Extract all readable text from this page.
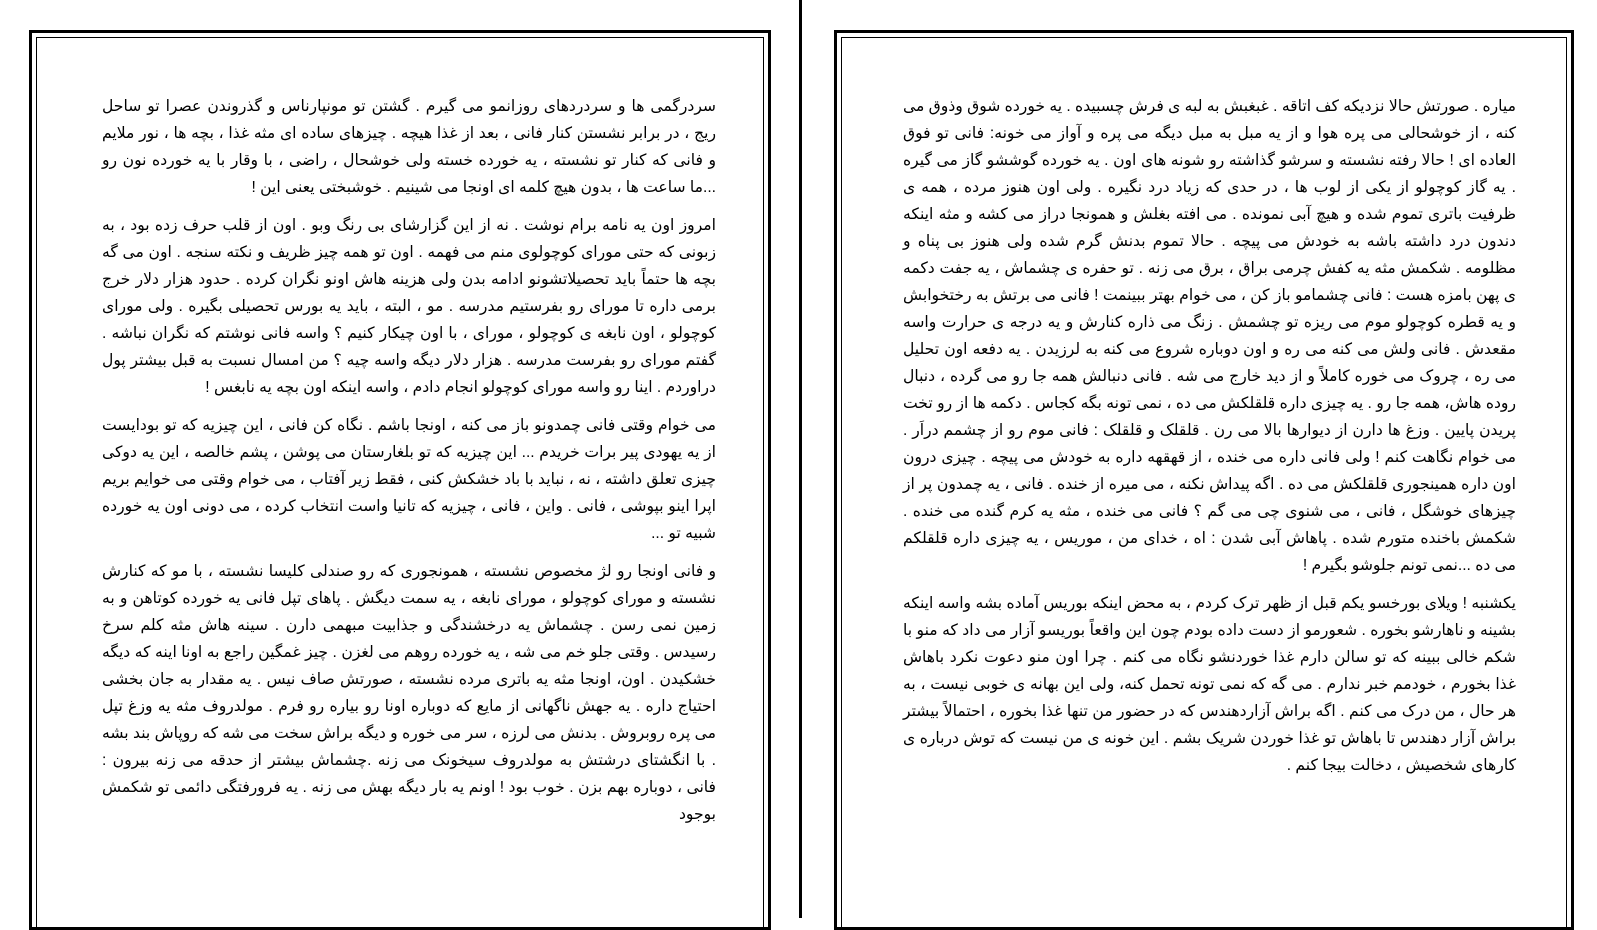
سردرگمی ها و سردردهای روزانمو می گیرم . گشتن تو مونپارناس و گذروندن عصرا تو ساحل ریج ، در برابر نشستن کنار فانی ، بعد از غذا هیچه . چیزهای ساده ای مثه غذا ، بچه ها ، نور ملایم و فانی که کنار تو نشسته ، یه خورده خسته ولی خوشحال ، راضی ، با وقار با یه خورده نون رو ...ما ساعت ها ، بدون هیچ کلمه ای اونجا می شینیم . خوشبختی یعنی این !

امروز اون یه نامه برام نوشت . نه از این گزارشای بی رنگ وبو . اون از قلب حرف زده بود ، به زبونی که حتی مورای کوچولوی منم می فهمه . اون تو همه چیز ظریف و نکته سنجه . اون می گه بچه ها حتماً باید تحصیلاتشونو ادامه بدن ولی هزینه هاش اونو نگران کرده . حدود هزار دلار خرج برمی داره تا مورای رو بفرستیم مدرسه . مو ، البته ، باید یه بورس تحصیلی بگیره . ولی مورای کوچولو ، اون نابغه ی کوچولو ، مورای ، با اون چیکار کنیم ؟ واسه فانی نوشتم که نگران نباشه . گفتم مورای رو بفرست مدرسه . هزار دلار دیگه واسه چیه ؟ من امسال نسبت به قبل بیشتر پول دراوردم . اینا رو واسه مورای کوچولو انجام دادم ، واسه اینکه اون بچه یه نابغس !

می خوام وقتی فانی چمدونو باز می کنه ، اونجا باشم . نگاه کن فانی ، این چیزیه که تو بودایست از یه یهودی پیر برات خریدم ... این چیزیه که تو بلغارستان می پوشن ، پشم خالصه ، این یه دوکی چیزی تعلق داشته ، نه ، نباید با باد خشکش کنی ، فقط زیر آفتاب ، می خوام وقتی می خوایم بریم اپرا اینو بپوشی ، فانی . واین ، فانی ، چیزیه که تانیا واست انتخاب کرده ، می دونی اون یه خورده شبیه تو ...

و فانی اونجا رو لژ مخصوص نشسته ، همونجوری که رو صندلی کلیسا نشسته ، با مو که کنارش نشسته و مورای کوچولو ، مورای نابغه ، یه سمت دیگش . پاهای تپل فانی یه خورده کوتاهن و به زمین نمی رسن . چشماش یه درخشندگی و جذابیت مبهمی دارن . سینه هاش مثه کلم سرخ رسیدس . وقتی جلو خم می شه ، یه خورده روهم می لغزن . چیز غمگین راجع به اونا اینه که دیگه خشکیدن . اون، اونجا مثه یه باتری مرده نشسته ، صورتش صاف نیس . یه مقدار به جان بخشی احتیاج داره . یه جهش ناگهانی از مایع که دوباره اونا رو بیاره رو فرم . مولدروف مثه یه وزغ تپل می پره روبروش . بدنش می لرزه ، سر می خوره و دیگه براش سخت می شه که روپاش بند بشه . با انگشتای درشتش به مولدروف سیخونک می زنه .چشماش بیشتر از حدقه می زنه بیرون : فانی ، دوباره بهم بزن . خوب بود ! اونم یه بار دیگه بهش می زنه . یه فرورفتگی دائمی تو شکمش بوجود

میاره . صورتش حالا نزدیکه کف اتاقه . غبغبش به لبه ی فرش چسبیده . یه خورده شوق وذوق می کنه ، از خوشحالی می پره هوا و از یه مبل به مبل دیگه می پره و آواز می خونه: فانی تو فوق العاده ای ! حالا رفته نشسته و سرشو گذاشته رو شونه های اون . یه خورده گوششو گاز می گیره . یه گاز کوچولو از یکی از لوب ها ، در حدی که زیاد درد نگیره . ولی اون هنوز مرده ، همه ی ظرفیت باتری تموم شده و هیچ آبی نمونده . می افته بغلش و همونجا دراز می کشه و مثه اینکه دندون درد داشته باشه به خودش می پیچه . حالا تموم بدنش گرم شده ولی هنوز بی پناه و مظلومه . شکمش مثه یه کفش چرمی براق ، برق می زنه . تو حفره ی چشماش ، یه جفت دکمه ی پهن بامزه هست : فانی چشمامو باز کن ، می خوام بهتر ببینمت ! فانی می برتش به رختخوابش و یه قطره کوچولو موم می ریزه تو چشمش . زنگ می ذاره کنارش و یه درجه ی حرارت واسه مقعدش . فانی ولش می کنه می ره و اون دوباره شروع می کنه به لرزیدن . یه دفعه اون تحلیل می ره ، چروک می خوره کاملاً و از دید خارج می شه . فانی دنبالش همه جا رو می گرده ، دنبال روده هاش، همه جا رو . یه چیزی داره قلقلکش می ده ، نمی تونه بگه کجاس . دکمه ها از رو تخت پریدن پایین . وزغ ها دارن از دیوارها بالا می رن . قلقلک و قلقلک : فانی موم رو از چشمم دراَر . می خوام نگاهت کنم ! ولی فانی داره می خنده ، از قهقهه داره به خودش می پیچه . چیزی درون اون داره همینجوری قلقلکش می ده . اگه پیداش نکنه ، می میره از خنده . فانی ، یه چمدون پر از چیزهای خوشگل ، فانی ، می شنوی چی می گم ؟ فانی می خنده ، مثه یه کرم گنده می خنده . شکمش باخنده متورم شده . پاهاش آبی شدن : اه ، خدای من ، موریس ، یه چیزی داره قلقلکم می ده ...نمی تونم جلوشو بگیرم !

یکشنبه ! ویلای بورخسو یکم قبل از ظهر ترک کردم ، به محض اینکه بوریس آماده بشه واسه اینکه بشینه و ناهارشو بخوره . شعورمو از دست داده بودم چون این واقعاً بوریسو آزار می داد که منو با شکم خالی ببینه که تو سالن دارم غذا خوردنشو نگاه می کنم . چرا اون منو دعوت نکرد باهاش غذا بخورم ، خودمم خبر ندارم . می گه که نمی تونه تحمل کنه، ولی این بهانه ی خوبی نیست ، به هر حال ، من درک می کنم . اگه براش آزاردهندس که در حضور من تنها غذا بخوره ، احتمالاً بیشتر براش آزار دهندس تا باهاش تو غذا خوردن شریک بشم . این خونه ی من نیست که توش درباره ی کارهای شخصیش ، دخالت بیجا کنم .
